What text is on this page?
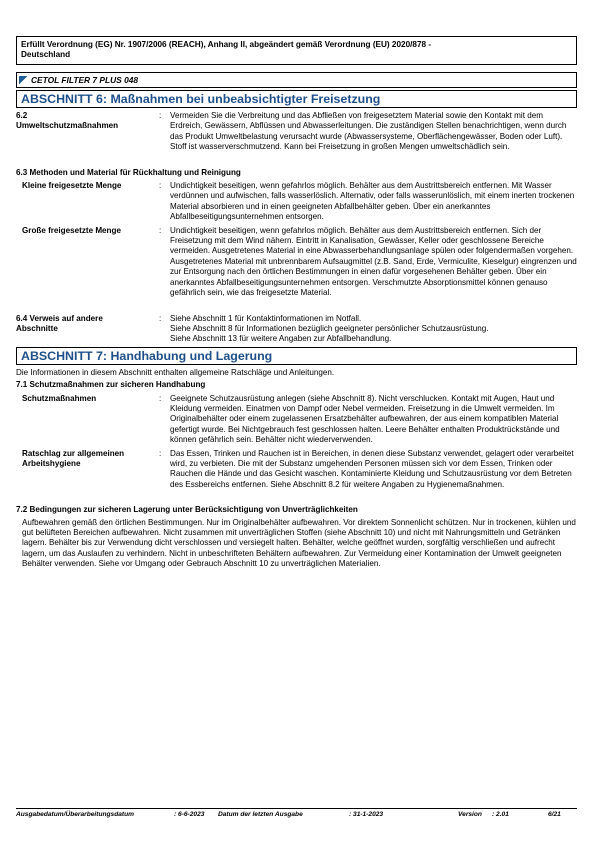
Erfüllt Verordnung (EG) Nr. 1907/2006 (REACH), Anhang II, abgeändert gemäß Verordnung (EU) 2020/878 -
Deutschland
CETOL FILTER 7 PLUS 048
ABSCHNITT 6: Maßnahmen bei unbeabsichtigter Freisetzung
6.2
Umweltschutzmaßnahmen
:	Vermeiden Sie die Verbreitung und das Abfließen von freigesetztem Material sowie den Kontakt mit dem Erdreich, Gewässern, Abflüssen und Abwasserleitungen. Die zuständigen Stellen benachrichtigen, wenn durch das Produkt Umweltbelastung verursacht wurde (Abwassersysteme, Oberflächengewässer, Boden oder Luft). Stoff ist wasserverschmutzend. Kann bei Freisetzung in großen Mengen umweltschädlich sein.
6.3 Methoden und Material für Rückhaltung und Reinigung
Kleine freigesetzte Menge	:	Undichtigkeit beseitigen, wenn gefahrlos möglich. Behälter aus dem Austrittsbereich entfernen. Mit Wasser verdünnen und aufwischen, falls wasserlöslich. Alternativ, oder falls wasserunlöslich, mit einem inerten trockenen Material absorbieren und in einen geeigneten Abfallbehälter geben. Über ein anerkanntes Abfallbeseitigungsunternehmen entsorgen.
Große freigesetzte Menge	:	Undichtigkeit beseitigen, wenn gefahrlos möglich. Behälter aus dem Austrittsbereich entfernen. Sich der Freisetzung mit dem Wind nähern. Eintritt in Kanalisation, Gewässer, Keller oder geschlossene Bereiche vermeiden. Ausgetretenes Material in eine Abwasserbehandlungsanlage spülen oder folgendermaßen vorgehen. Ausgetretenes Material mit unbrennbarem Aufsaugmittel (z.B. Sand, Erde, Vermiculite, Kieselgur) eingrenzen und zur Entsorgung nach den örtlichen Bestimmungen in einen dafür vorgesehenen Behälter geben. Über ein anerkanntes Abfallbeseitigungsunternehmen entsorgen. Verschmutzte Absorptionsmittel können genauso gefährlich sein, wie das freigesetzte Material.
6.4 Verweis auf andere
Abschnitte
:	Siehe Abschnitt 1 für Kontaktinformationen im Notfall.
Siehe Abschnitt 8 für Informationen bezüglich geeigneter persönlicher Schutzausrüstung.
Siehe Abschnitt 13 für weitere Angaben zur Abfallbehandlung.
ABSCHNITT 7: Handhabung und Lagerung
Die Informationen in diesem Abschnitt enthalten allgemeine Ratschläge und Anleitungen.
7.1 Schutzmaßnahmen zur sicheren Handhabung
Schutzmaßnahmen	:	Geeignete Schutzausrüstung anlegen (siehe Abschnitt 8). Nicht verschlucken. Kontakt mit Augen, Haut und Kleidung vermeiden. Einatmen von Dampf oder Nebel vermeiden. Freisetzung in die Umwelt vermeiden. Im Originalbehälter oder einem zugelassenen Ersatzbehälter aufbewahren, der aus einem kompatiblen Material gefertigt wurde. Bei Nichtgebrauch fest geschlossen halten. Leere Behälter enthalten Produktrückstände und können gefährlich sein. Behälter nicht wiederverwenden.
Ratschlag zur allgemeinen
Arbeitshygiene
:	Das Essen, Trinken und Rauchen ist in Bereichen, in denen diese Substanz verwendet, gelagert oder verarbeitet wird, zu verbieten. Die mit der Substanz umgehenden Personen müssen sich vor dem Essen, Trinken oder Rauchen die Hände und das Gesicht waschen. Kontaminierte Kleidung und Schutzausrüstung vor dem Betreten des Essbereichs entfernen. Siehe Abschnitt 8.2 für weitere Angaben zu Hygienemaßnahmen.
7.2 Bedingungen zur sicheren Lagerung unter Berücksichtigung von Unverträglichkeiten
Aufbewahren gemäß den örtlichen Bestimmungen. Nur im Originalbehälter aufbewahren. Vor direktem Sonnenlicht schützen. Nur in trockenen, kühlen und gut belüfteten Bereichen aufbewahren. Nicht zusammen mit unverträglichen Stoffen (siehe Abschnitt 10) und nicht mit Nahrungsmitteln und Getränken lagern. Behälter bis zur Verwendung dicht verschlossen und versiegelt halten. Behälter, welche geöffnet wurden, sorgfältig verschließen und aufrecht lagern, um das Auslaufen zu verhindern. Nicht in unbeschrifteten Behältern aufbewahren. Zur Vermeidung einer Kontamination der Umwelt geeigneten Behälter verwenden. Siehe vor Umgang oder Gebrauch Abschnitt 10 zu unverträglichen Materialien.
Ausgabedatum/Überarbeitungsdatum	: 6-6-2023	Datum der letzten Ausgabe	: 31-1-2023	Version	: 2.01	6/21
